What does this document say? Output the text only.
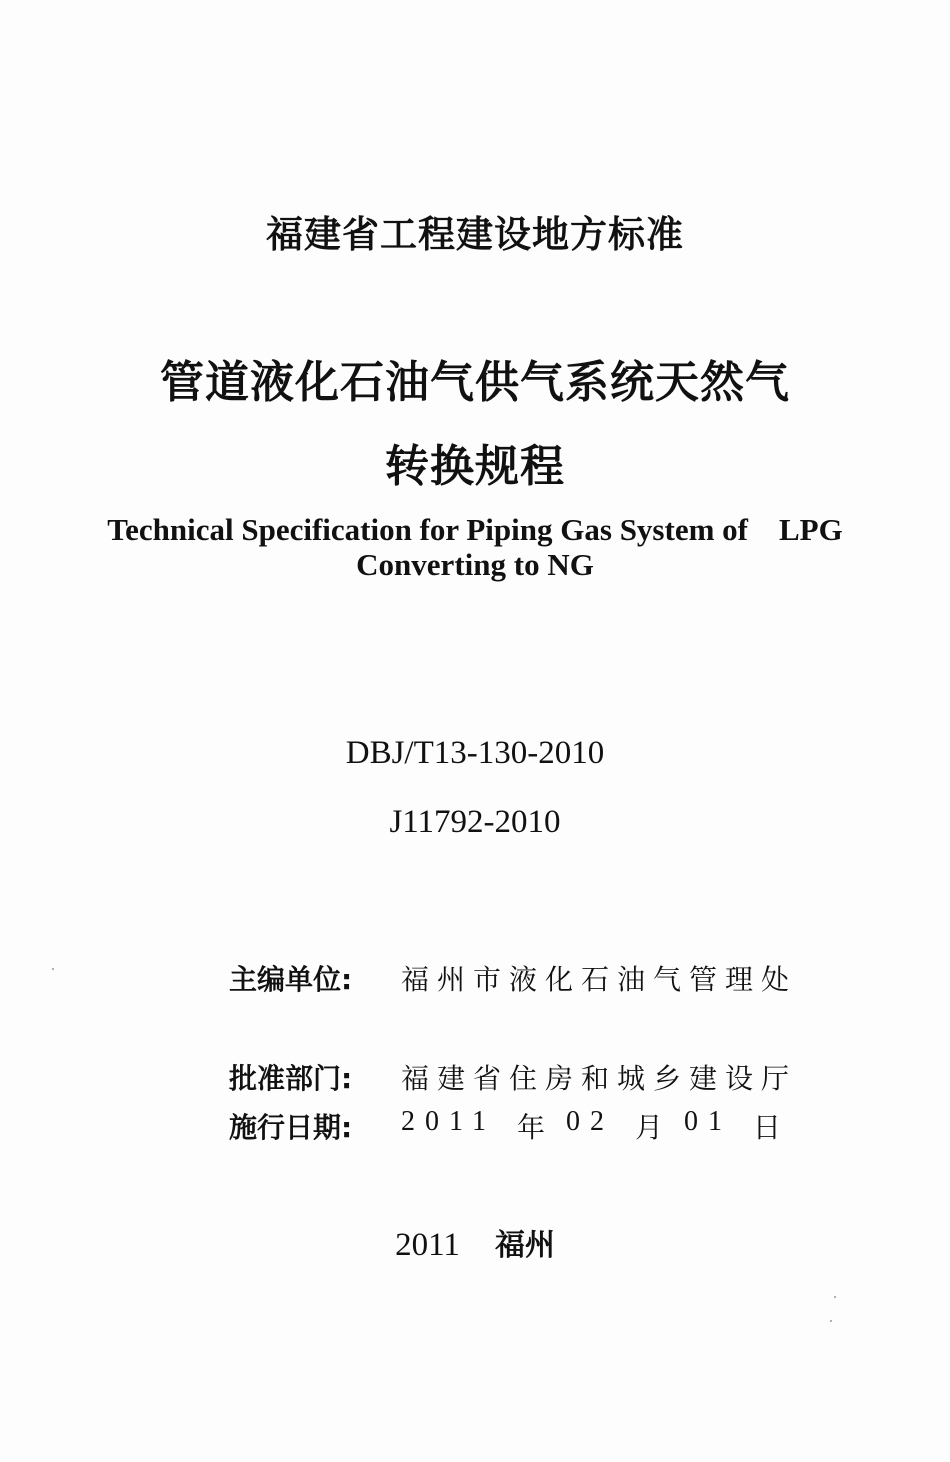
福建省工程建设地方标准
管道液化石油气供气系统天然气
转换规程
Technical Specification for Piping Gas System of　LPG
Converting to NG
DBJ/T13-130-2010
J11792-2010
主编单位: 福州市液化石油气管理处
批准部门: 福建省住房和城乡建设厅
施行日期: 2011 年 02 月 01 日
2011 福州
